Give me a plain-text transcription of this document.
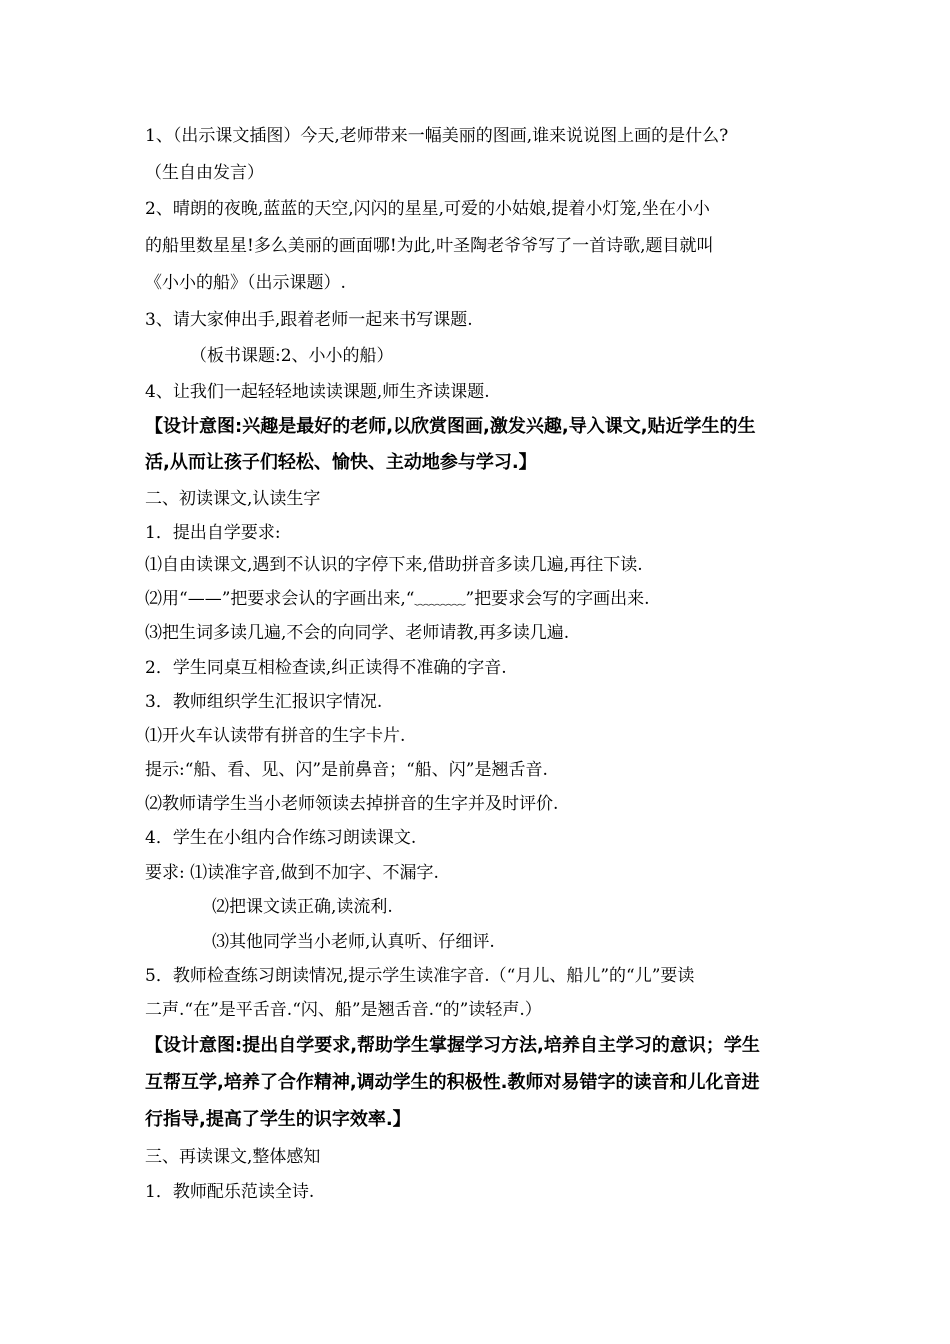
1、（出示课文插图）今天,老师带来一幅美丽的图画,谁来说说图上画的是什么?
（生自由发言）
2、晴朗的夜晚,蓝蓝的天空,闪闪的星星,可爱的小姑娘,提着小灯笼,坐在小小
的船里数星星!多么美丽的画面哪!为此,叶圣陶老爷爷写了一首诗歌,题目就叫
《小小的船》（出示课题）.
3、请大家伸出手,跟着老师一起来书写课题.
（板书课题:2、小小的船）
4、让我们一起轻轻地读读课题,师生齐读课题.
【设计意图:兴趣是最好的老师,以欣赏图画,激发兴趣,导入课文,贴近学生的生
活,从而让孩子们轻松、愉快、主动地参与学习.】
二、初读课文,认读生字
1．提出自学要求:
⑴自由读课文,遇到不认识的字停下来,借助拼音多读几遍,再往下读.
⑵用“——”把要求会认的字画出来,“﹏﹏﹏”把要求会写的字画出来.
⑶把生词多读几遍,不会的向同学、老师请教,再多读几遍.
2．学生同桌互相检查读,纠正读得不准确的字音.
3．教师组织学生汇报识字情况.
⑴开火车认读带有拼音的生字卡片.
提示:“船、看、见、闪”是前鼻音；“船、闪”是翘舌音.
⑵教师请学生当小老师领读去掉拼音的生字并及时评价.
4．学生在小组内合作练习朗读课文.
要求: ⑴读准字音,做到不加字、不漏字.
⑵把课文读正确,读流利.
⑶其他同学当小老师,认真听、仔细评.
5．教师检查练习朗读情况,提示学生读准字音.（“月儿、船儿”的“儿”要读
二声.“在”是平舌音.“闪、船”是翘舌音.“的”读轻声.）
【设计意图:提出自学要求,帮助学生掌握学习方法,培养自主学习的意识；学生
互帮互学,培养了合作精神,调动学生的积极性.教师对易错字的读音和儿化音进
行指导,提高了学生的识字效率.】
三、再读课文,整体感知
1．教师配乐范读全诗.
